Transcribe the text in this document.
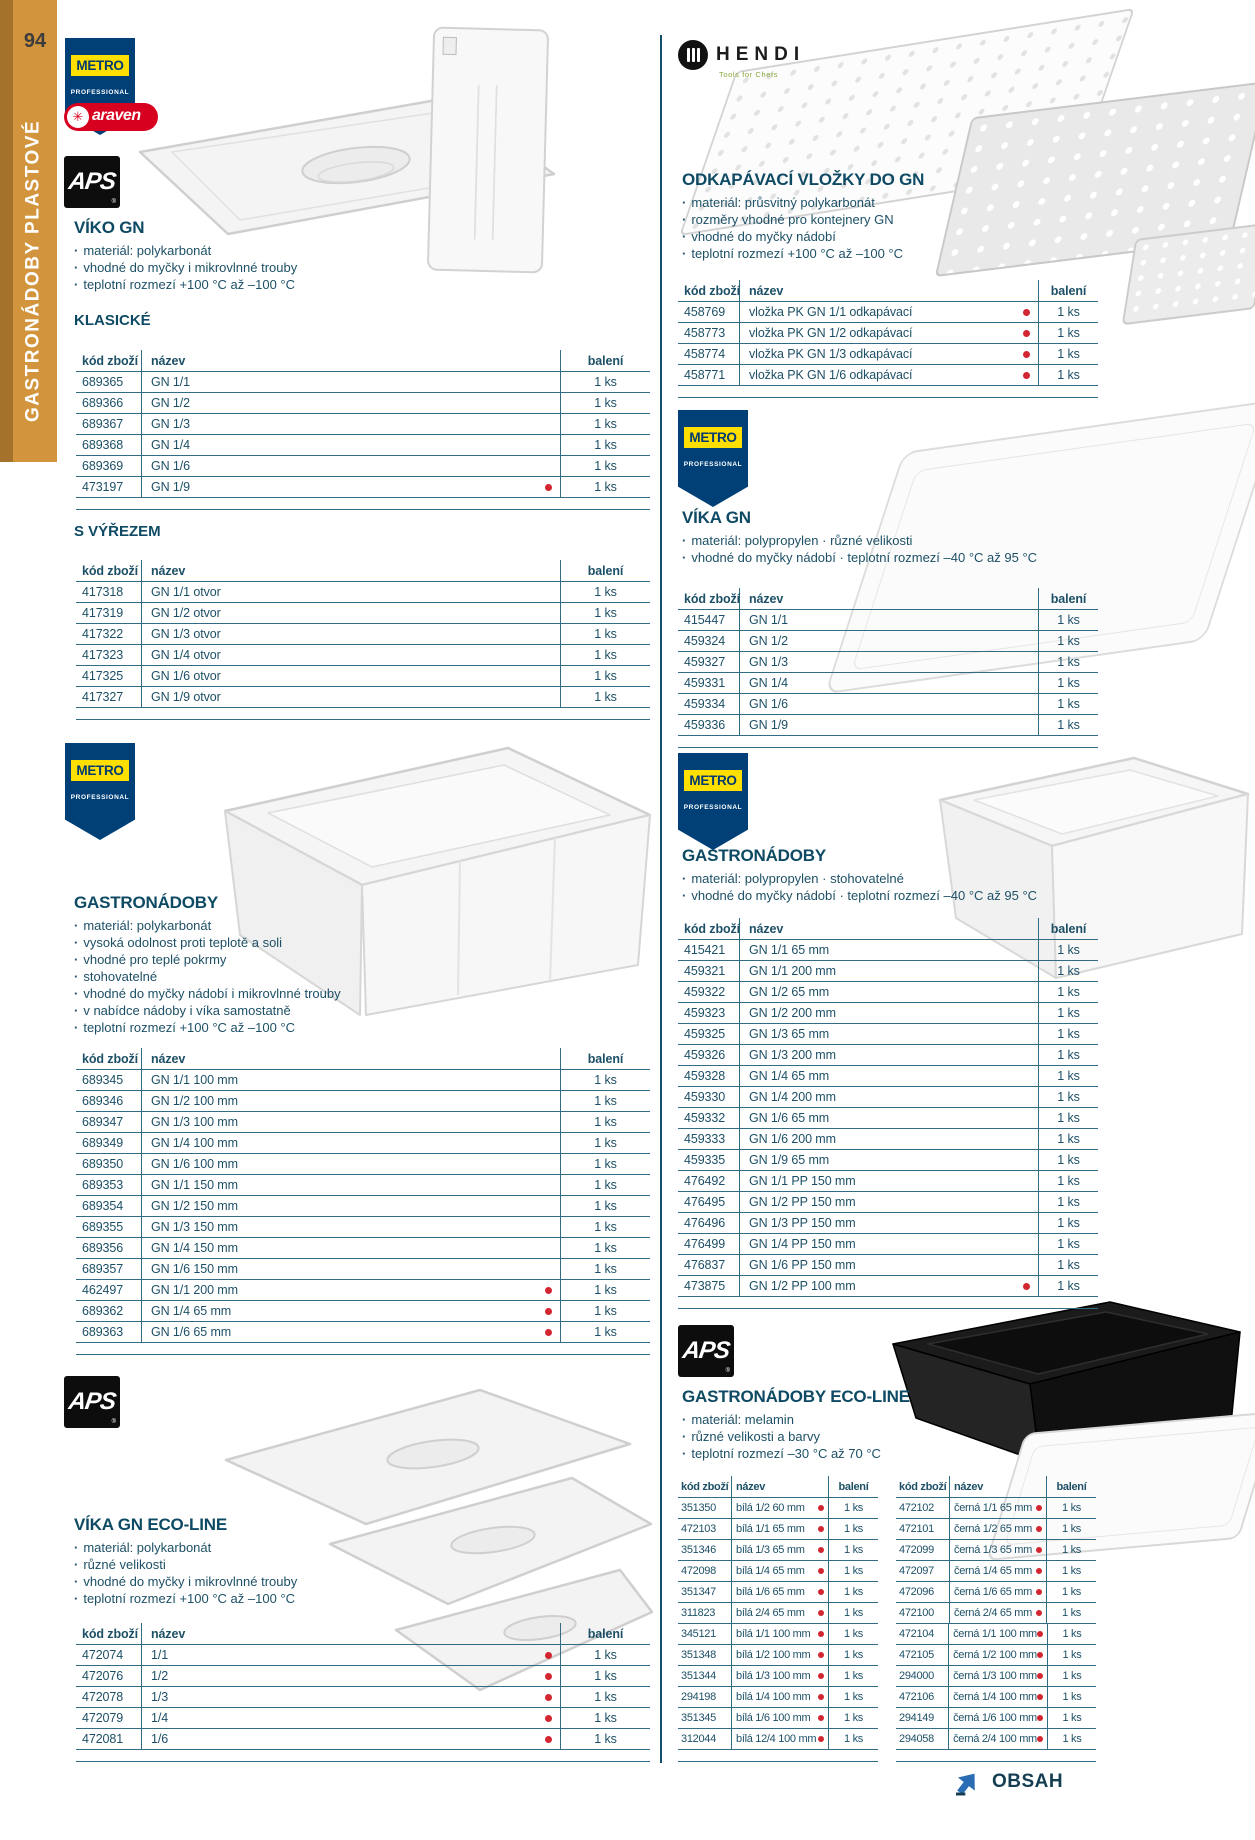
94
GASTRONÁDOBY PLASTOVÉ
METRO
PROFESSIONAL
✳ araven
APS
®
VÍKO GN
· materiál: polykarbonát
· vhodné do myčky i mikrovlnné trouby
· teplotní rozmezí +100 °C až –100 °C
KLASICKÉ
kód zboží	název	balení
689365	GN 1/1	1 ks
689366	GN 1/2	1 ks
689367	GN 1/3	1 ks
689368	GN 1/4	1 ks
689369	GN 1/6	1 ks
473197	GN 1/9	1 ks
S VÝŘEZEM
kód zboží	název	balení
417318	GN 1/1 otvor	1 ks
417319	GN 1/2 otvor	1 ks
417322	GN 1/3 otvor	1 ks
417323	GN 1/4 otvor	1 ks
417325	GN 1/6 otvor	1 ks
417327	GN 1/9 otvor	1 ks
METRO
PROFESSIONAL
GASTRONÁDOBY
· materiál: polykarbonát
· vysoká odolnost proti teplotě a soli
· vhodné pro teplé pokrmy
· stohovatelné
· vhodné do myčky nádobí i mikrovlnné trouby
· v nabídce nádoby i víka samostatně
· teplotní rozmezí +100 °C až –100 °C
kód zboží	název	balení
689345	GN 1/1 100 mm	1 ks
689346	GN 1/2 100 mm	1 ks
689347	GN 1/3 100 mm	1 ks
689349	GN 1/4 100 mm	1 ks
689350	GN 1/6 100 mm	1 ks
689353	GN 1/1 150 mm	1 ks
689354	GN 1/2 150 mm	1 ks
689355	GN 1/3 150 mm	1 ks
689356	GN 1/4 150 mm	1 ks
689357	GN 1/6 150 mm	1 ks
462497	GN 1/1 200 mm	1 ks
689362	GN 1/4 65 mm	1 ks
689363	GN 1/6 65 mm	1 ks
APS
®
VÍKA GN ECO-LINE
· materiál: polykarbonát
· různé velikosti
· vhodné do myčky i mikrovlnné trouby
· teplotní rozmezí +100 °C až –100 °C
kód zboží	název	balení
472074	1/1	1 ks
472076	1/2	1 ks
472078	1/3	1 ks
472079	1/4	1 ks
472081	1/6	1 ks
HENDI
Tools for Chefs
ODKAPÁVACÍ VLOŽKY DO GN
· materiál: průsvitný polykarbonát
· rozměry vhodné pro kontejnery GN
· vhodné do myčky nádobí
· teplotní rozmezí +100 °C až –100 °C
kód zboží název	balení
458769	vložka PK GN 1/1 odkapávací	1 ks
458773	vložka PK GN 1/2 odkapávací	1 ks
458774	vložka PK GN 1/3 odkapávací	1 ks
458771	vložka PK GN 1/6 odkapávací	1 ks
METRO
PROFESSIONAL
VÍKA GN
· materiál: polypropylen · různé velikosti
· vhodné do myčky nádobí · teplotní rozmezí –40 °C až 95 °C
kód zboží název	balení
415447	GN 1/1	1 ks
459324	GN 1/2	1 ks
459327	GN 1/3	1 ks
459331	GN 1/4	1 ks
459334	GN 1/6	1 ks
459336	GN 1/9	1 ks
METRO
PROFESSIONAL
GASTRONÁDOBY
· materiál: polypropylen · stohovatelné
· vhodné do myčky nádobí · teplotní rozmezí –40 °C až 95 °C
kód zboží název	balení
415421	GN 1/1 65 mm	1 ks
459321	GN 1/1 200 mm	1 ks
459322	GN 1/2 65 mm	1 ks
459323	GN 1/2 200 mm	1 ks
459325	GN 1/3 65 mm	1 ks
459326	GN 1/3 200 mm	1 ks
459328	GN 1/4 65 mm	1 ks
459330	GN 1/4 200 mm	1 ks
459332	GN 1/6 65 mm	1 ks
459333	GN 1/6 200 mm	1 ks
459335	GN 1/9 65 mm	1 ks
476492	GN 1/1 PP 150 mm	1 ks
476495	GN 1/2 PP 150 mm	1 ks
476496	GN 1/3 PP 150 mm	1 ks
476499	GN 1/4 PP 150 mm	1 ks
476837	GN 1/6 PP 150 mm	1 ks
473875	GN 1/2 PP 100 mm	1 ks
APS
®
GASTRONÁDOBY ECO-LINE
· materiál: melamin
· různé velikosti a barvy
· teplotní rozmezí –30 °C až 70 °C
kód zboží název	balení
351350	bílá 1/2 60 mm	1 ks
472103	bílá 1/1 65 mm	1 ks
351346	bílá 1/3 65 mm	1 ks
472098	bílá 1/4 65 mm	1 ks
351347	bílá 1/6 65 mm	1 ks
311823	bílá 2/4 65 mm	1 ks
345121	bílá 1/1 100 mm	1 ks
351348	bílá 1/2 100 mm	1 ks
351344	bílá 1/3 100 mm	1 ks
294198	bílá 1/4 100 mm	1 ks
351345	bílá 1/6 100 mm	1 ks
312044	bílá 12/4 100 mm	1 ks
kód zboží název	balení
472102	černá 1/1 65 mm	1 ks
472101	černá 1/2 65 mm	1 ks
472099	černá 1/3 65 mm	1 ks
472097	černá 1/4 65 mm	1 ks
472096	černá 1/6 65 mm	1 ks
472100	černá 2/4 65 mm	1 ks
472104	černá 1/1 100 mm	1 ks
472105	černá 1/2 100 mm	1 ks
294000	černá 1/3 100 mm	1 ks
472106	černá 1/4 100 mm	1 ks
294149	černá 1/6 100 mm	1 ks
294058	černá 2/4 100 mm	1 ks
OBSAH
